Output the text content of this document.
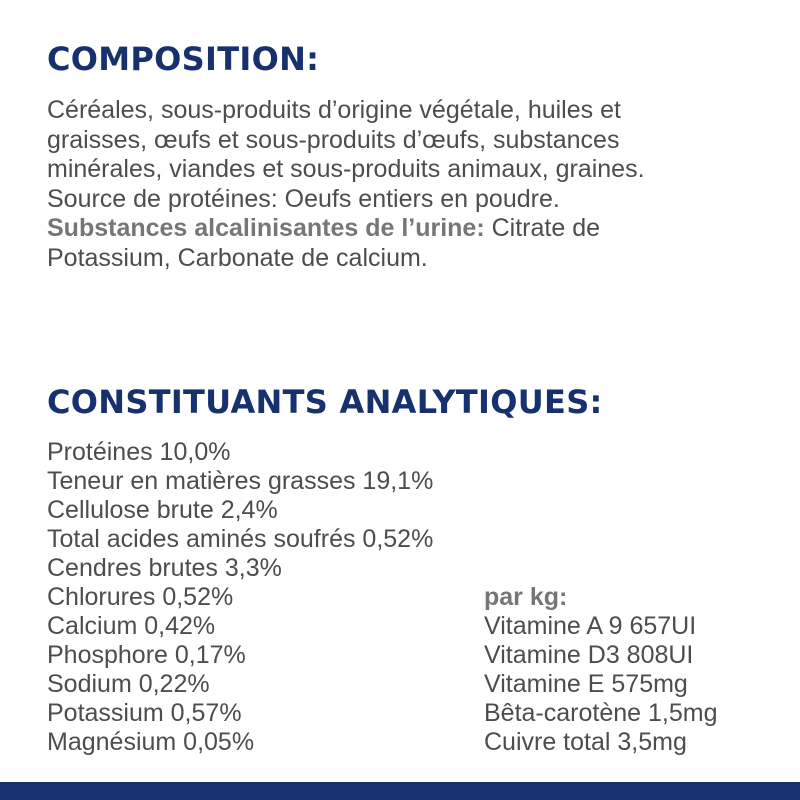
COMPOSITION:

Céréales, sous-produits d’origine végétale, huiles et
graisses, œufs et sous-produits d’œufs, substances
minérales, viandes et sous-produits animaux, graines.
Source de protéines: Oeufs entiers en poudre.
Substances alcalinisantes de l’urine: Citrate de
Potassium, Carbonate de calcium.

CONSTITUANTS ANALYTIQUES:
Protéines 10,0%
Teneur en matières grasses 19,1%
Cellulose brute 2,4%
Total acides aminés soufrés 0,52%
Cendres brutes 3,3%
Chlorures 0,52%
Calcium 0,42%
Phosphore 0,17%
Sodium 0,22%
Potassium 0,57%
Magnésium 0,05%
par kg:
Vitamine A 9 657UI
Vitamine D3 808UI
Vitamine E 575mg
Bêta-carotène 1,5mg
Cuivre total 3,5mg
